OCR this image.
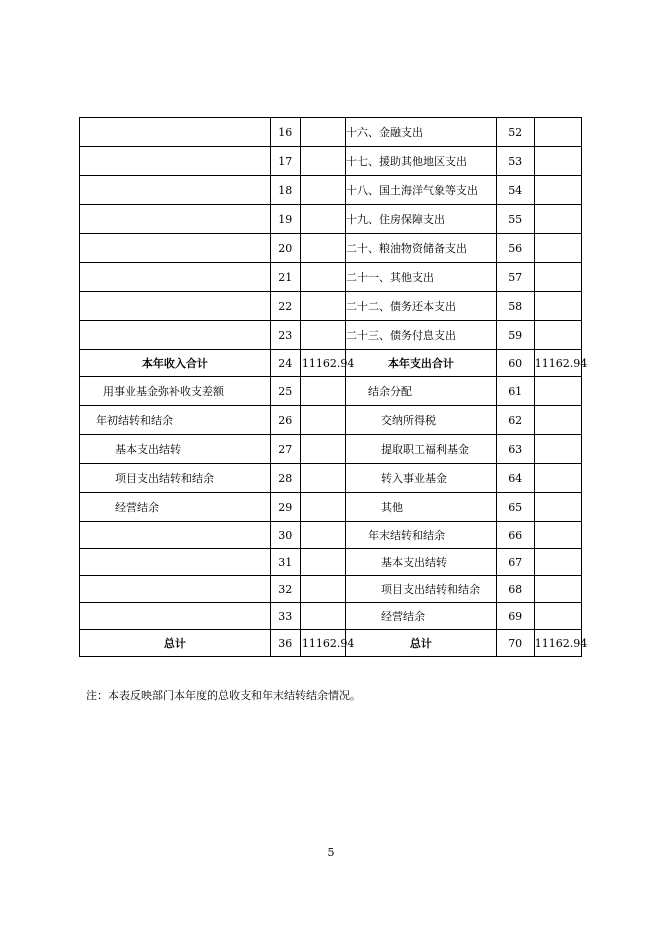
	16		十六、金融支出	52	
	17		十七、援助其他地区支出	53	
	18		十八、国土海洋气象等支出	54	
	19		十九、住房保障支出	55	
	20		二十、粮油物资储备支出	56	
	21		二十一、其他支出	57	
	22		二十二、债务还本支出	58	
	23		二十三、债务付息支出	59	
本年收入合计	24	11162.94	本年支出合计	60	11162.94
用事业基金弥补收支差额	25		结余分配	61	
年初结转和结余	26		交纳所得税	62	
基本支出结转	27		提取职工福利基金	63	
项目支出结转和结余	28		转入事业基金	64	
经营结余	29		其他	65	
	30		年末结转和结余	66	
	31		基本支出结转	67	
	32		项目支出结转和结余	68	
	33		经营结余	69	
总计	36	11162.94	总计	70	11162.94
注：本表反映部门本年度的总收支和年末结转结余情况。
5
